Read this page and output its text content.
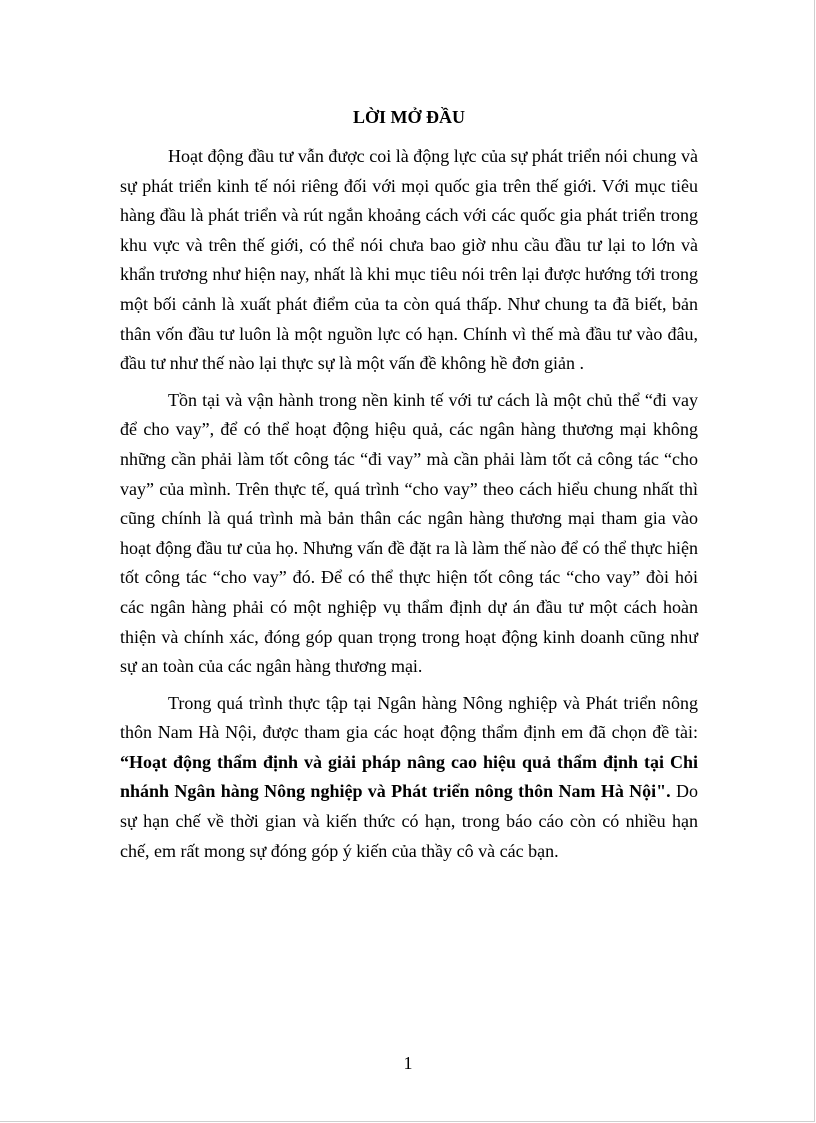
LỜI MỞ ĐẦU

Hoạt động đầu tư vẫn được coi là động lực của sự phát triển nói chung và sự phát triển kinh tế nói riêng đối với mọi quốc gia trên thế giới. Với mục tiêu hàng đầu là phát triển và rút ngắn khoảng cách với các quốc gia phát triển trong khu vực và trên thế giới, có thể nói chưa bao giờ nhu cầu đầu tư lại to lớn và khẩn trương như hiện nay, nhất là khi mục tiêu nói trên lại được hướng tới trong một bối cảnh là xuất phát điểm của ta còn quá thấp. Như chung ta đã biết, bản thân vốn đầu tư luôn là một nguồn lực có hạn. Chính vì thế mà đầu tư vào đâu, đầu tư như thế nào lại thực sự là một vấn đề không hề đơn giản .

Tồn tại và vận hành trong nền kinh tế với tư cách là một chủ thể “đi vay để cho vay”, để có thể hoạt động hiệu quả, các ngân hàng thương mại không những cần phải làm tốt công tác “đi vay” mà cần phải làm tốt cả công tác “cho vay” của mình. Trên thực tế, quá trình “cho vay” theo cách hiểu chung nhất thì cũng chính là quá trình mà bản thân các ngân hàng thương mại tham gia vào hoạt động đầu tư của họ. Nhưng vấn đề đặt ra là làm thế nào để có thể thực hiện tốt công tác “cho vay” đó. Để có thể thực hiện tốt công tác “cho vay” đòi hỏi các ngân hàng phải có một nghiệp vụ thẩm định dự án đầu tư một cách hoàn thiện và chính xác, đóng góp quan trọng trong hoạt động kinh doanh cũng như sự an toàn của các ngân hàng thương mại.

Trong quá trình thực tập tại Ngân hàng Nông nghiệp và Phát triển nông thôn Nam Hà Nội, được tham gia các hoạt động thẩm định em đã chọn đề tài: “Hoạt động thẩm định và giải pháp nâng cao hiệu quả thẩm định tại Chi nhánh Ngân hàng Nông nghiệp và Phát triển nông thôn Nam Hà Nội". Do sự hạn chế về thời gian và kiến thức có hạn, trong báo cáo còn có nhiều hạn chế, em rất mong sự đóng góp ý kiến của thầy cô và các bạn.

1
